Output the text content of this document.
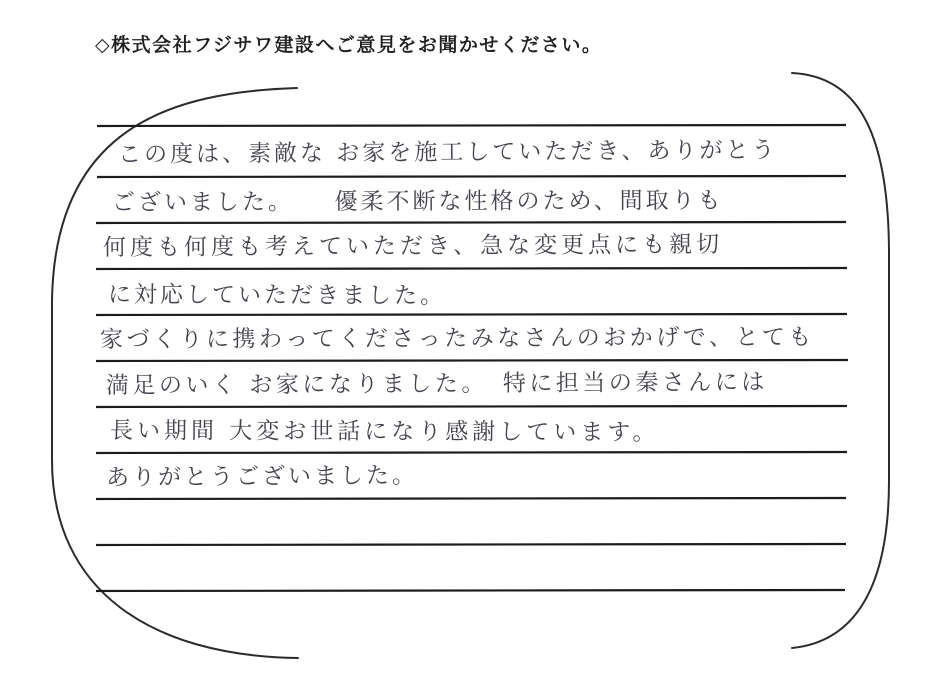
◇株式会社フジサワ建設へご意見をお聞かせください。
この度は、素敵な お家を施工していただき、ありがとう
ございました。　　優柔不断な性格のため、間取りも
何度も何度も考えていただき、急な変更点にも親切
に対応していただきました。
家づくりに携わってくださったみなさんのおかげで、とても
満足のいく お家になりました。　特に担当の秦さんには
長い期間 大変お世話になり感謝しています。
ありがとうございました。
